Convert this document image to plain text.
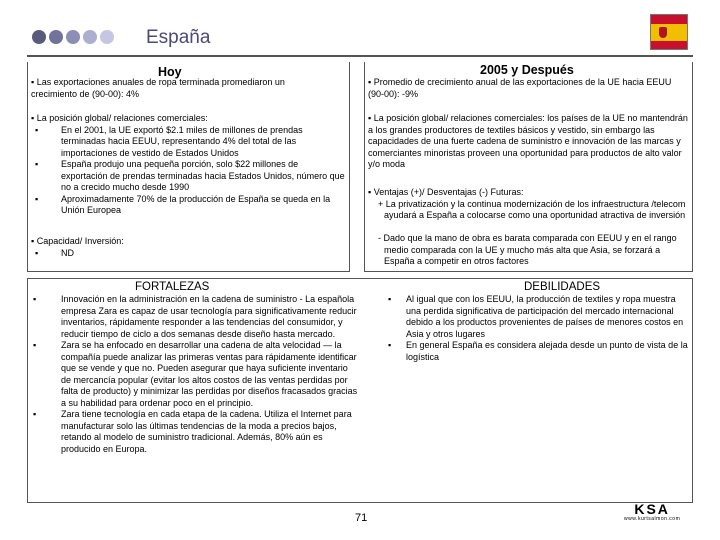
España
Hoy	2005 y Después
▪ Las exportaciones anuales de ropa terminada promediaron un crecimiento de (90-00): 4%
▪ La posición global/ relaciones comerciales:
▪ En el 2001, la UE exportó $2.1 miles de millones de prendas terminadas hacia EEUU, representando 4% del total de las importaciones de vestido de Estados Unidos
▪ España produjo una pequeña porción, solo $22 millones de exportación de prendas terminadas hacia Estados Unidos, número que no a crecido mucho desde 1990
▪ Aproximadamente 70% de la producción de España se queda en la Unión Europea
▪ Capacidad/ Inversión:
▪ ND
▪ Promedio de crecimiento anual de las exportaciones de la UE hacia EEUU (90-00): -9%
▪ La posición global/ relaciones comerciales: los países de la UE no mantendrán a los grandes productores de textiles básicos y vestido, sin embargo las capacidades de una fuerte cadena de suministro e innovación de las marcas y comerciantes minoristas proveen una oportunidad para productos de alto valor y/o moda
▪ Ventajas (+)/ Desventajas (-) Futuras:
+ La privatización y la continua modernización de los infraestructura /telecom ayudará a España a colocarse como una oportunidad atractiva de inversión
- Dado que la mano de obra es barata comparada con EEUU y en el rango medio comparada con la UE y mucho más alta que Asia, se forzará a España a competir en otros factores
FORTALEZAS	DEBILIDADES
▪ Innovación en la administración en la cadena de suministro - La española empresa Zara es capaz de usar tecnología para significativamente reducir inventarios, rápidamente responder a las tendencias del consumidor, y reducir tiempo de ciclo a dos semanas desde diseño hasta mercado.
▪ Zara se ha enfocado en desarrollar una cadena de alta velocidad — la compañía puede analizar las primeras ventas para rápidamente identificar que se vende y que no. Pueden asegurar que haya suficiente inventario de mercancía popular (evitar los altos costos de las ventas perdidas por falta de producto) y minimizar las perdidas por diseños fracasados gracias a su habilidad para ordenar poco en el principio.
▪ Zara tiene tecnología en cada etapa de la cadena. Utiliza el Internet para manufacturar solo las últimas tendencias de la moda a precios bajos, retando al modelo de suministro tradicional. Además, 80% aún es producido en Europa.
▪ Al igual que con los EEUU, la producción de textiles y ropa muestra una perdida significativa de participación del mercado internacional debido a los productos provenientes de países de menores costos en Asia y otros lugares
▪ En general España es considera alejada desde un punto de vista de la logística
71
KSA
www.kurtsalmon.com
